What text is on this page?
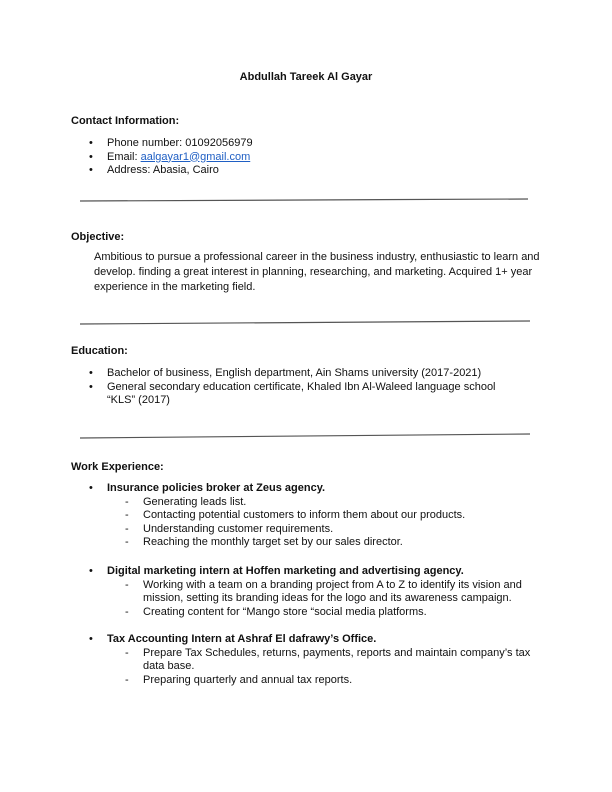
Abdullah Tareek Al Gayar
Contact Information:
• Phone number: 01092056979
• Email: aalgayar1@gmail.com
• Address: Abasia, Cairo
Objective:
Ambitious to pursue a professional career in the business industry, enthusiastic to learn and develop. finding a great interest in planning, researching, and marketing. Acquired 1+ year experience in the marketing field.
Education:
• Bachelor of business, English department, Ain Shams university (2017-2021)
• General secondary education certificate, Khaled Ibn Al-Waleed language school “KLS” (2017)
Work Experience:
• Insurance policies broker at Zeus agency.
- Generating leads list.
- Contacting potential customers to inform them about our products.
- Understanding customer requirements.
- Reaching the monthly target set by our sales director.
• Digital marketing intern at Hoffen marketing and advertising agency.
- Working with a team on a branding project from A to Z to identify its vision and mission, setting its branding ideas for the logo and its awareness campaign.
- Creating content for “Mango store “social media platforms.
• Tax Accounting Intern at Ashraf El dafrawy’s Office.
- Prepare Tax Schedules, returns, payments, reports and maintain company’s tax data base.
- Preparing quarterly and annual tax reports.
